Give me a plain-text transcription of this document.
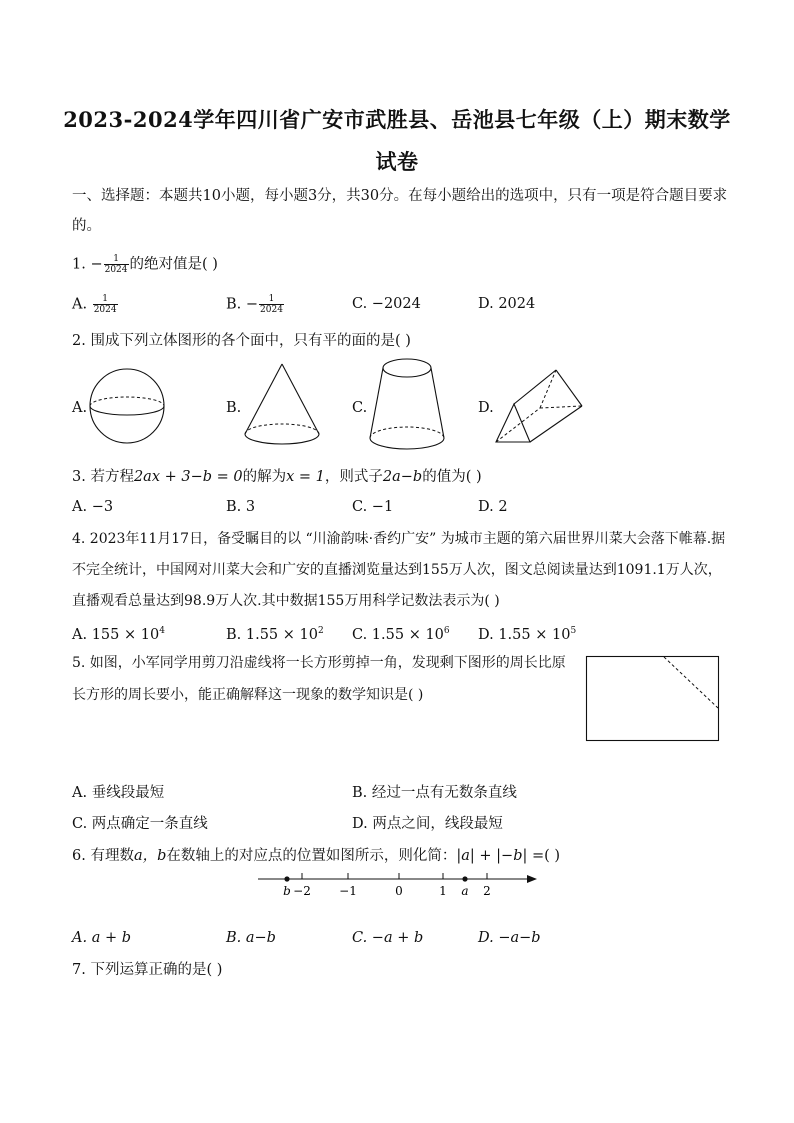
2023-2024学年四川省广安市武胜县、岳池县七年级（上）期末数学
试卷
一、选择题：本题共10小题，每小题3分，共30分。在每小题给出的选项中，只有一项是符合题目要求
的。
1. − $\frac{1}{2024}$ 的绝对值是( )
A. $\frac{1}{2024}$	B. − $\frac{1}{2024}$	C. −2024	D. 2024
2. 围成下列立体图形的各个面中，只有平的面的是( )
A.	B.	C.	D.
3. 若方程2ax + 3−b = 0的解为x = 1，则式子2a−b的值为( )
A. −3	B. 3	C. −1	D. 2
4. 2023年11月17日，备受瞩目的以 “川渝韵味·香约广安” 为城市主题的第六届世界川菜大会落下帷幕.据
不完全统计，中国网对川菜大会和广安的直播浏览量达到155万人次，图文总阅读量达到1091.1万人次，
直播观看总量达到98.9万人次.其中数据155万用科学记数法表示为( )
A. $155 \times 10^4$	B. $1.55 \times 10^2$ C. $1.55 \times 10^6$ D. $1.55 \times 10^5$
5. 如图，小军同学用剪刀沿虚线将一长方形剪掉一角，发现剩下图形的周长比原
长方形的周长要小，能正确解释这一现象的数学知识是( )
A. 垂线段最短	B. 经过一点有无数条直线
C. 两点确定一条直线	D. 两点之间，线段最短
6. 有理数a，b在数轴上的对应点的位置如图所示，则化简：|a| + |−b| =( )
b −2 −1	0	1 a 2
A. a + b	B. a−b	C. −a + b	D. −a−b
7. 下列运算正确的是( )
